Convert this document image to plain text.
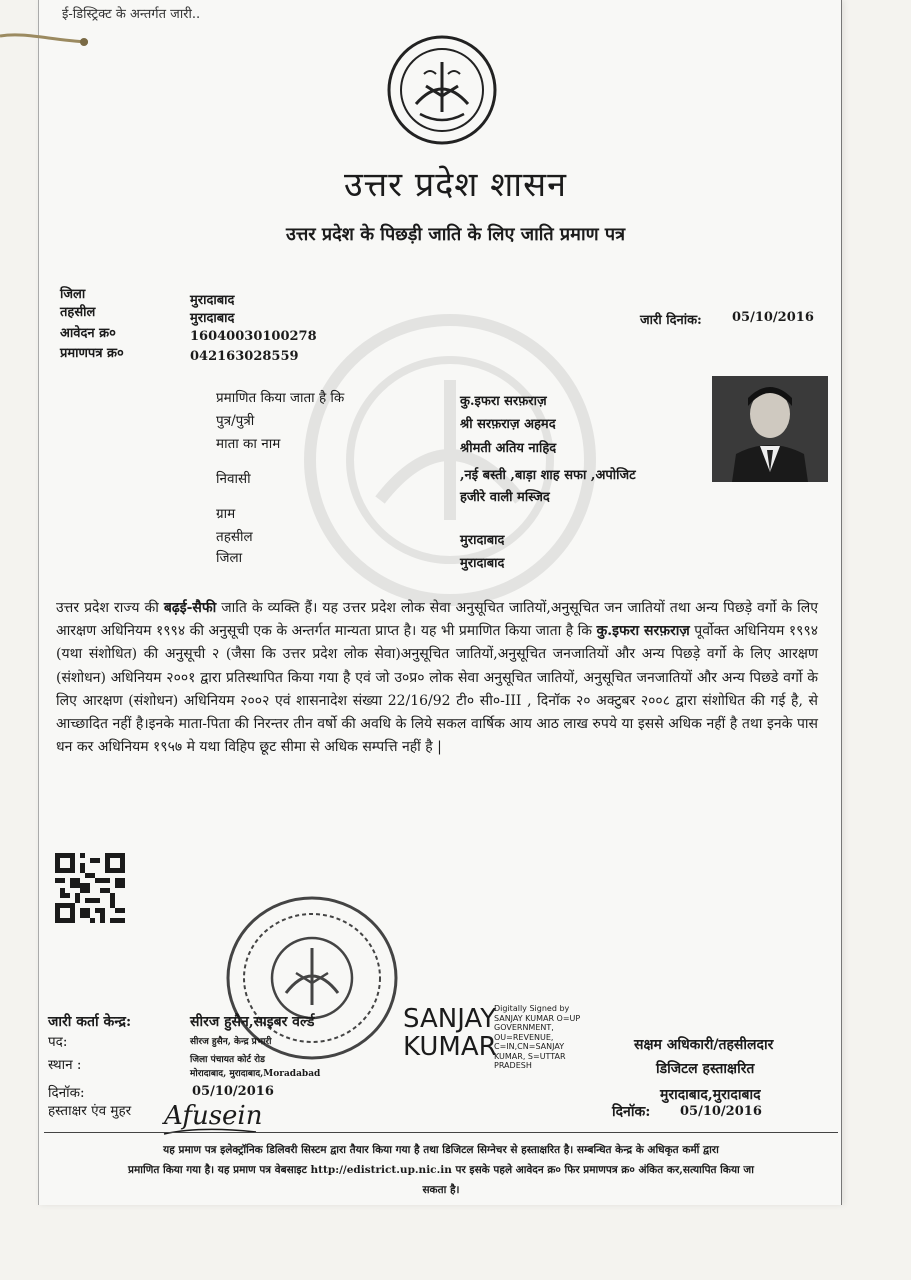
ई-डिस्ट्रिक्ट के अन्तर्गत जारी..
उत्तर प्रदेश शासन
उत्तर प्रदेश के पिछड़ी जाति के लिए जाति प्रमाण पत्र
जिला	मुरादाबाद
तहसील	मुरादाबाद
आवेदन क्र०	16040030100278
प्रमाणपत्र क्र०	042163028559
जारी दिनांक: 05/10/2016
प्रमाणित किया जाता है कि	कु.इफरा सरफ़राज़
पुत्र/पुत्री	श्री सरफ़राज़ अहमद
माता का नाम	श्रीमती अतिय नाहिद
निवासी	,नई बस्ती ,बाड़ा शाह सफा ,अपोजिट
हजीरे वाली मस्जिद
ग्राम
तहसील	मुरादाबाद
जिला	मुरादाबाद
उत्तर प्रदेश राज्य की बढ़ई-सैफी जाति के व्यक्ति हैं। यह उत्तर प्रदेश लोक सेवा अनुसूचित जातियों,अनुसूचित जन जातियों तथा अन्य पिछड़े वर्गो के लिए आरक्षण अधिनियम १९९४ की अनुसूची एक के अन्तर्गत मान्यता प्राप्त है। यह भी प्रमाणित किया जाता है कि कु.इफरा सरफ़राज़ पूर्वोक्त अधिनियम १९९४ (यथा संशोधित) की अनुसूची २ (जैसा कि उत्तर प्रदेश लोक सेवा)अनुसूचित जातियों,अनुसूचित जनजातियों और अन्य पिछड़े वर्गो के लिए आरक्षण (संशोधन) अधिनियम २००१ द्वारा प्रतिस्थापित किया गया है एवं जो उ०प्र० लोक सेवा अनुसूचित जातियों, अनुसूचित जनजातियों और अन्य पिछडे वर्गो के लिए आरक्षण (संशोधन) अधिनियम २००२ एवं शासनादेश संख्या 22/16/92 टी० सी०-III , दिनॉक २० अक्टुबर २००८ द्वारा संशोधित की गई है, से आच्छादित नहीं है।इनके माता-पिता की निरन्तर तीन वर्षो की अवधि के लिये सकल वार्षिक आय आठ लाख रुपये या इससे अधिक नहीं है तथा इनके पास धन कर अधिनियम १९५७ मे यथा विहिप छूट सीमा से अधिक सम्पत्ति नहीं है |
जारी कर्ता केन्द्र:	सीरज हुसैन,साइबर वर्ल्ड
पद:	सीरज हुसैन, केन्द्र प्रभारी
स्थान :	जिला पंचायत कोर्ट रोड
मोरादाबाद, मुरादाबाद,Moradabad
दिनॉक:	05/10/2016
हस्ताक्षर एंव मुहर Afusein
SANJAY
KUMAR
Digitally Signed by
SANJAY KUMAR O=UP
GOVERNMENT,
OU=REVENUE,
C=IN,CN=SANJAY
KUMAR, S=UTTAR
PRADESH
सक्षम अधिकारी/तहसीलदार
डिजिटल हस्ताक्षरित
मुरादाबाद,मुरादाबाद
दिनॉक: 05/10/2016
यह प्रमाण पत्र इलेक्ट्रॉनिक डिलिवरी सिस्टम द्वारा तैयार किया गया है तथा डिजिटल सिग्नेचर से हस्ताक्षरित है। सम्बन्धित केन्द्र के अधिकृत कर्मी द्वारा
प्रमाणित किया गया है। यह प्रमाण पत्र वेबसाइट http://edistrict.up.nic.in पर इसके पहले आवेदन क्र० फिर प्रमाणपत्र क्र० अंकित कर,सत्यापित किया जा
सकता है।
